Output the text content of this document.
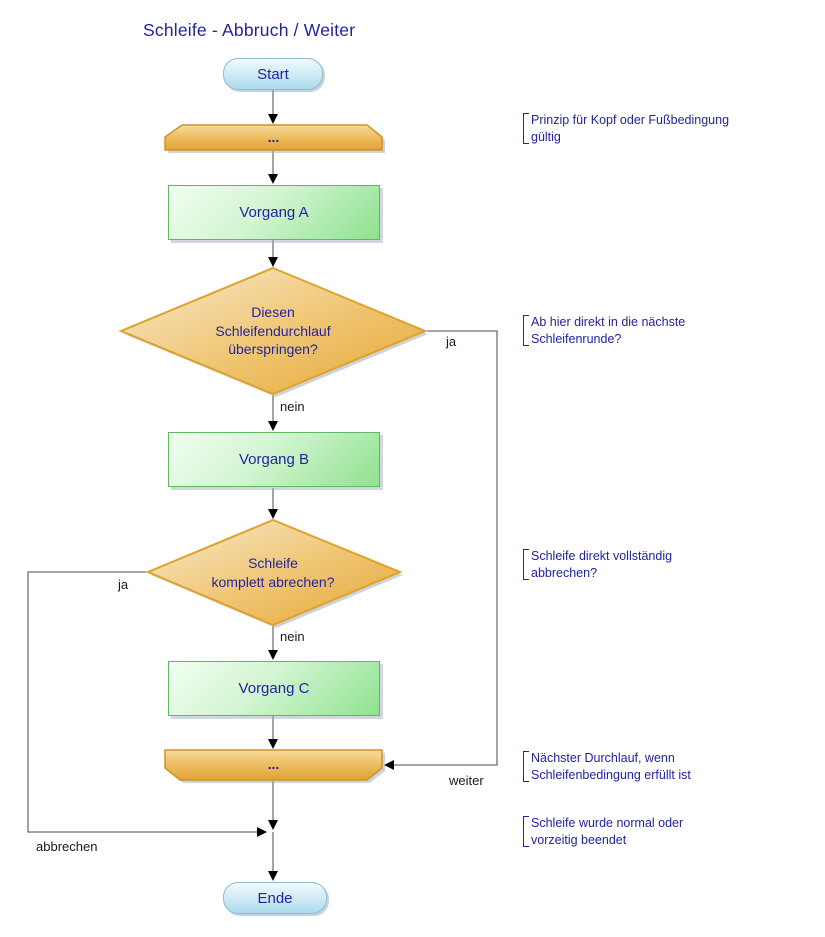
Schleife - Abbruch / Weiter
Start
Ende
Vorgang A
Vorgang B
Vorgang C
...
...
Diesen
Schleifendurchlauf
überspringen?
Schleife
komplett abrechen?
ja
nein
ja
nein
weiter
abbrechen
Prinzip für Kopf oder Fußbedingung
gültig
Ab hier direkt in die nächste
Schleifenrunde?
Schleife direkt vollständig
abbrechen?
Nächster Durchlauf, wenn
Schleifenbedingung erfüllt ist
Schleife wurde normal oder
vorzeitig beendet
